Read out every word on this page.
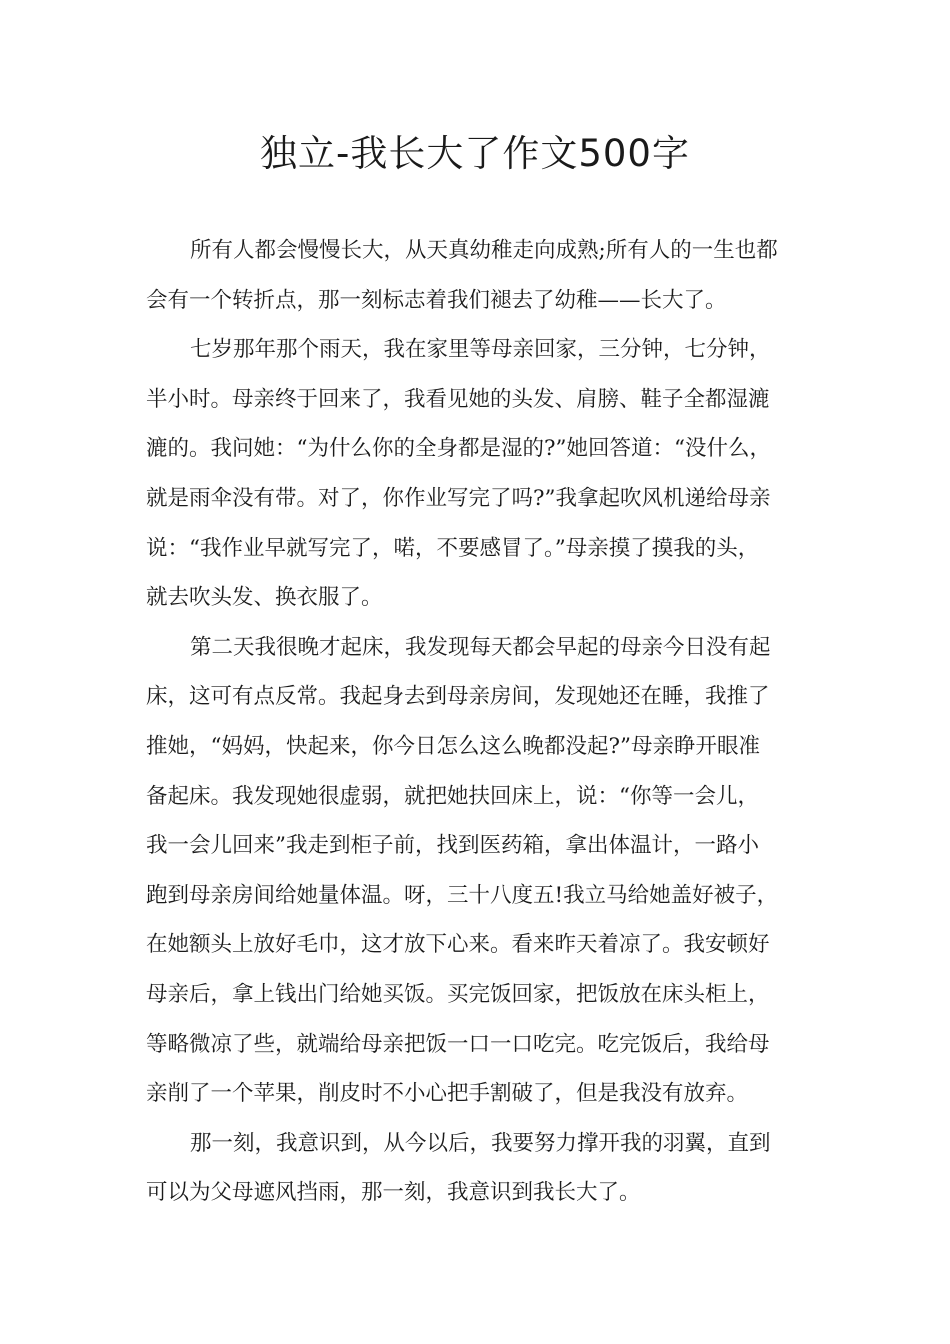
独立-我长大了作文500字

所有人都会慢慢长大，从天真幼稚走向成熟;所有人的一生也都

会有一个转折点，那一刻标志着我们褪去了幼稚——长大了。

七岁那年那个雨天，我在家里等母亲回家，三分钟，七分钟，

半小时。母亲终于回来了，我看见她的头发、肩膀、鞋子全都湿漉

漉的。我问她：“为什么你的全身都是湿的?”她回答道：“没什么，

就是雨伞没有带。对了，你作业写完了吗?”我拿起吹风机递给母亲

说：“我作业早就写完了，喏，不要感冒了。”母亲摸了摸我的头，

就去吹头发、换衣服了。

第二天我很晚才起床，我发现每天都会早起的母亲今日没有起

床，这可有点反常。我起身去到母亲房间，发现她还在睡，我推了

推她，“妈妈，快起来，你今日怎么这么晚都没起?”母亲睁开眼准

备起床。我发现她很虚弱，就把她扶回床上，说：“你等一会儿，

我一会儿回来”我走到柜子前，找到医药箱，拿出体温计，一路小

跑到母亲房间给她量体温。呀，三十八度五!我立马给她盖好被子，

在她额头上放好毛巾，这才放下心来。看来昨天着凉了。我安顿好

母亲后，拿上钱出门给她买饭。买完饭回家，把饭放在床头柜上，

等略微凉了些，就端给母亲把饭一口一口吃完。吃完饭后，我给母

亲削了一个苹果，削皮时不小心把手割破了，但是我没有放弃。

那一刻，我意识到，从今以后，我要努力撑开我的羽翼，直到

可以为父母遮风挡雨，那一刻，我意识到我长大了。
